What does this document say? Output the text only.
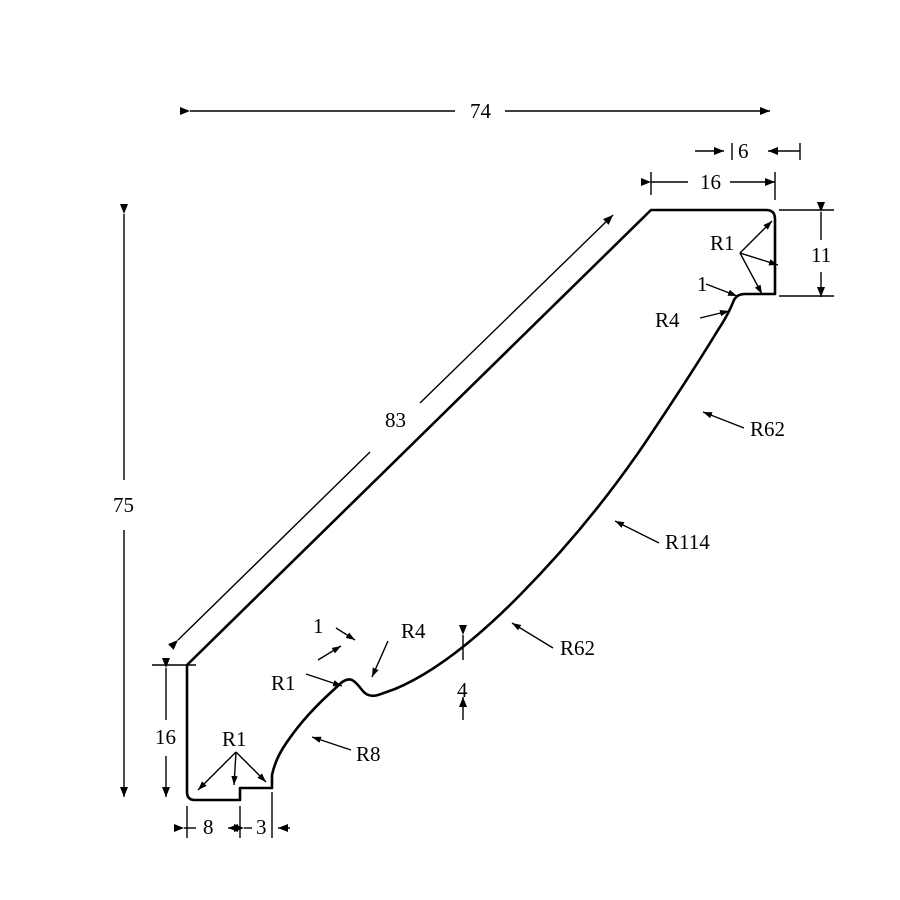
74
16
6
11
75
16
83
8 3
4
1
1
R1
R4
R62
R114
R62
R4
R1
R8
R1
